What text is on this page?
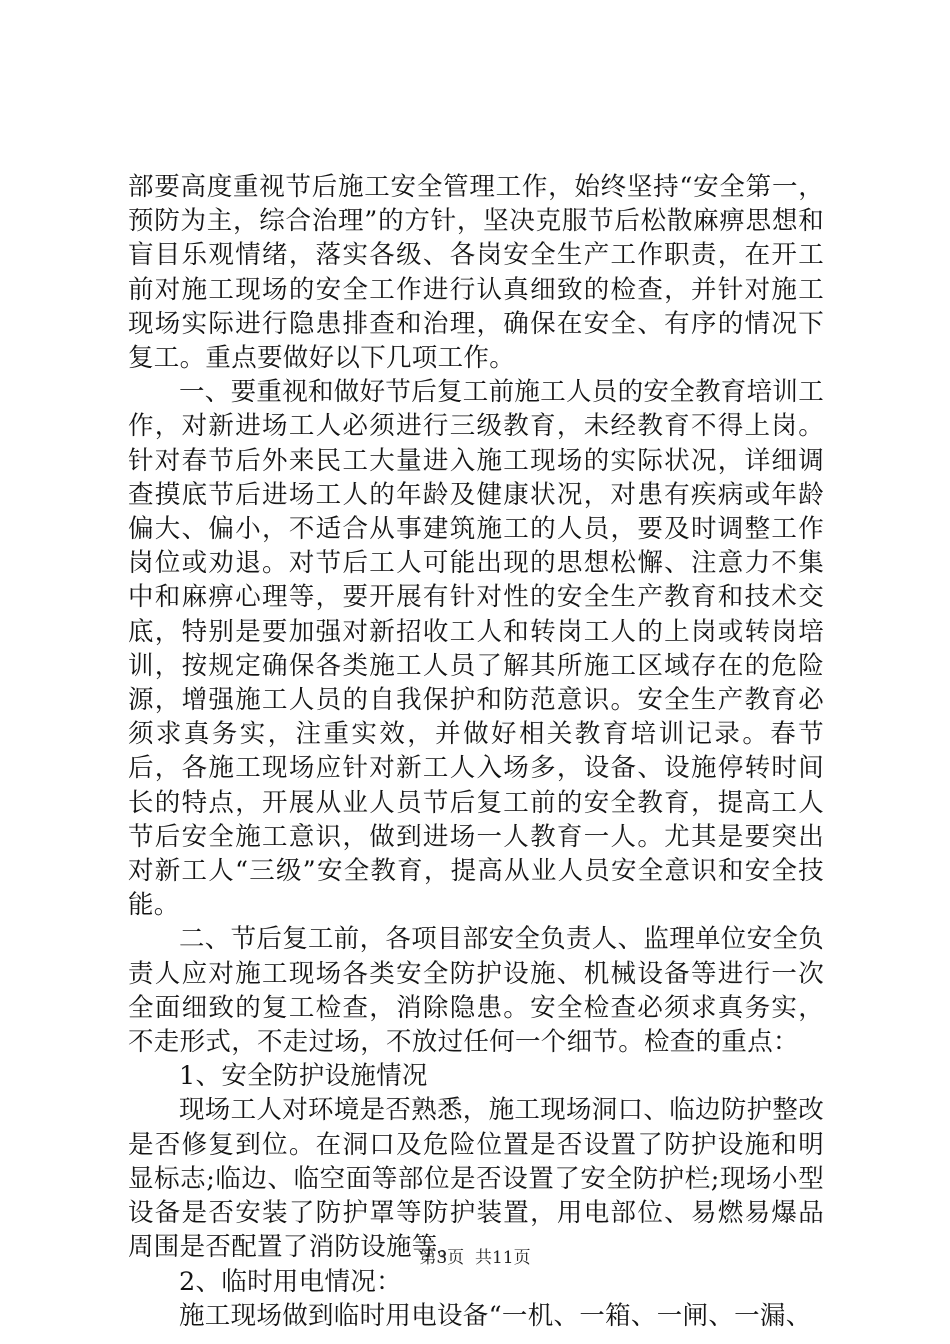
部要高度重视节后施工安全管理工作，始终坚持“安全第一，预防为主，综合治理”的方针，坚决克服节后松散麻痹思想和盲目乐观情绪，落实各级、各岗安全生产工作职责，在开工前对施工现场的安全工作进行认真细致的检查，并针对施工现场实际进行隐患排查和治理，确保在安全、有序的情况下复工。重点要做好以下几项工作。

一、要重视和做好节后复工前施工人员的安全教育培训工作，对新进场工人必须进行三级教育，未经教育不得上岗。针对春节后外来民工大量进入施工现场的实际状况，详细调查摸底节后进场工人的年龄及健康状况，对患有疾病或年龄偏大、偏小，不适合从事建筑施工的人员，要及时调整工作岗位或劝退。对节后工人可能出现的思想松懈、注意力不集中和麻痹心理等，要开展有针对性的安全生产教育和技术交底，特别是要加强对新招收工人和转岗工人的上岗或转岗培训，按规定确保各类施工人员了解其所施工区域存在的危险源，增强施工人员的自我保护和防范意识。安全生产教育必须求真务实，注重实效，并做好相关教育培训记录。春节后，各施工现场应针对新工人入场多，设备、设施停转时间长的特点，开展从业人员节后复工前的安全教育，提高工人节后安全施工意识，做到进场一人教育一人。尤其是要突出对新工人“三级”安全教育，提高从业人员安全意识和安全技能。

二、节后复工前，各项目部安全负责人、监理单位安全负责人应对施工现场各类安全防护设施、机械设备等进行一次全面细致的复工检查，消除隐患。安全检查必须求真务实，不走形式，不走过场，不放过任何一个细节。检查的重点：

1、安全防护设施情况

现场工人对环境是否熟悉，施工现场洞口、临边防护整改是否修复到位。在洞口及危险位置是否设置了防护设施和明显标志;临边、临空面等部位是否设置了安全防护栏;现场小型设备是否安装了防护罩等防护装置，用电部位、易燃易爆品周围是否配置了消防设施等。

2、临时用电情况：

施工现场做到临时用电设备“一机、一箱、一闸、一漏、

第3页  共11页
